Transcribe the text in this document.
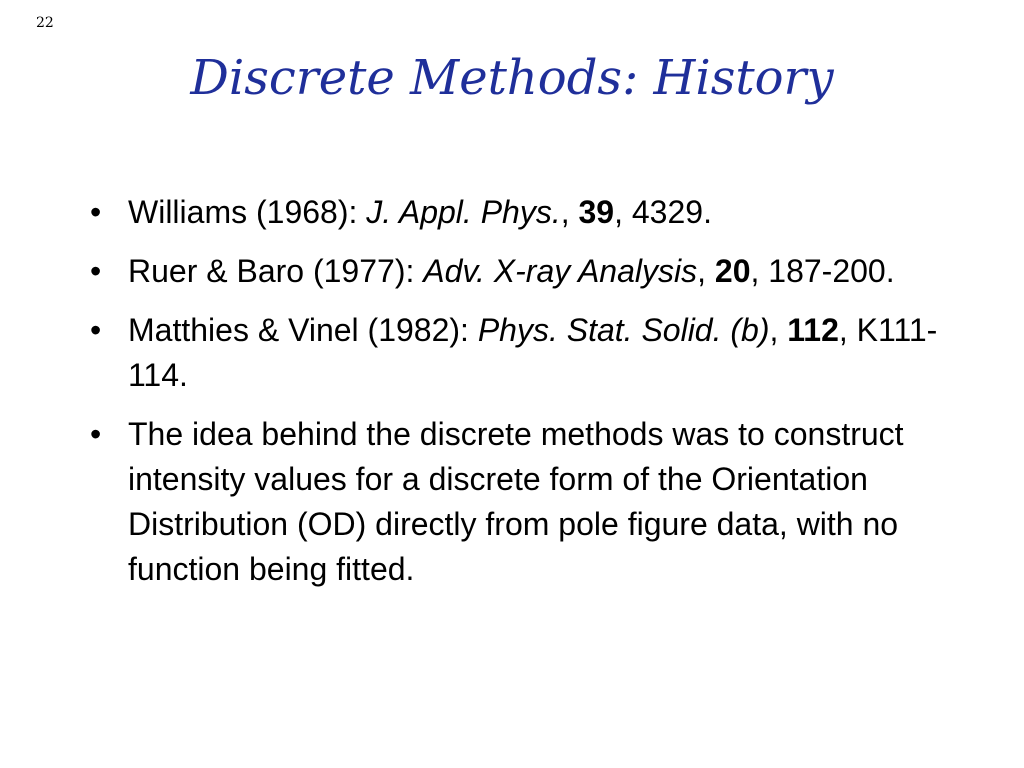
22
Discrete Methods: History
• Williams (1968): J. Appl. Phys., 39, 4329.
• Ruer & Baro (1977): Adv. X-ray Analysis, 20, 187-200.
• Matthies & Vinel (1982): Phys. Stat. Solid. (b), 112, K111-114.
• The idea behind the discrete methods was to construct intensity values for a discrete form of the Orientation Distribution (OD) directly from pole figure data, with no function being fitted.
